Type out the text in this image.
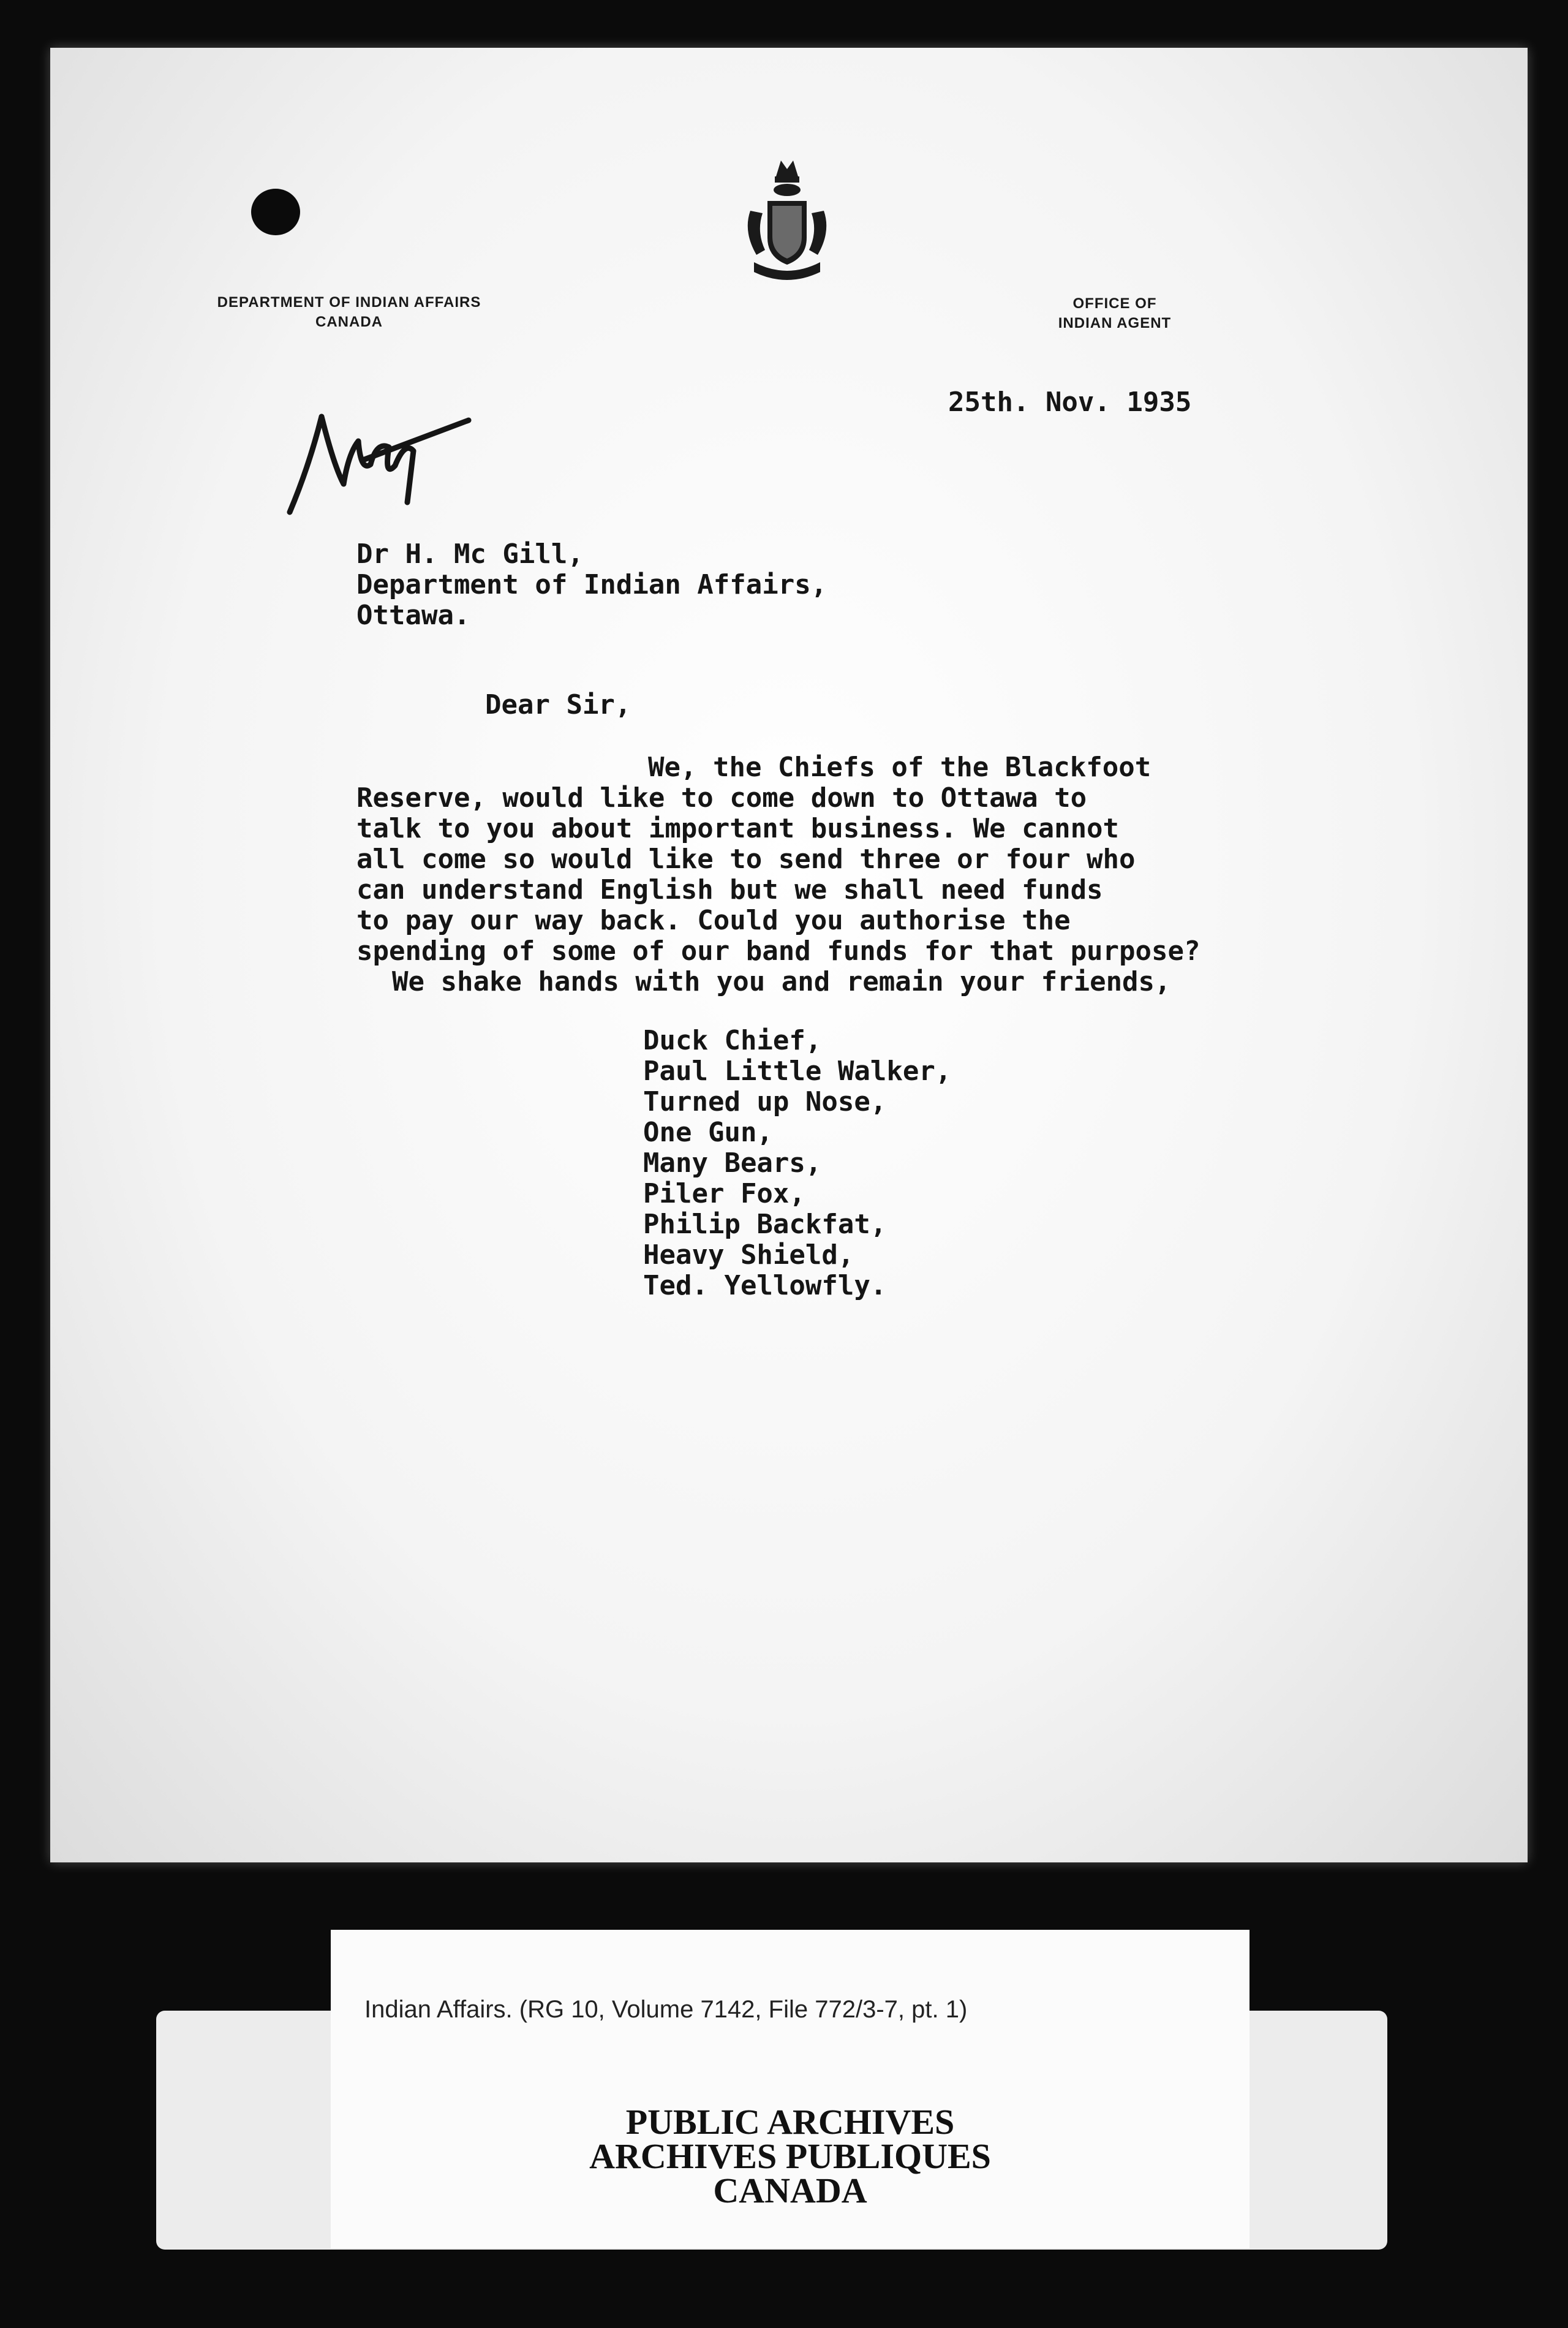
DEPARTMENT OF INDIAN AFFAIRS
CANADA

OFFICE OF
INDIAN AGENT

25th. Nov. 1935

Dr H. Mc Gill,

Department of Indian Affairs,

Ottawa.

Dear Sir,

We, the Chiefs of the Blackfoot

Reserve, would like to come down to Ottawa to

talk to you about important business. We cannot

all come so would like to send three or four who

can understand English but we shall need funds

to pay our way back. Could you authorise the

spending of some of our band funds for that purpose?

We shake hands with you and remain your friends,

Duck Chief,

Paul Little Walker,

Turned up Nose,

One Gun,

Many Bears,

Piler Fox,

Philip Backfat,

Heavy Shield,

Ted. Yellowfly.

Indian Affairs. (RG 10, Volume 7142, File 772/3-7, pt. 1)

PUBLIC ARCHIVES

ARCHIVES PUBLIQUES

CANADA
